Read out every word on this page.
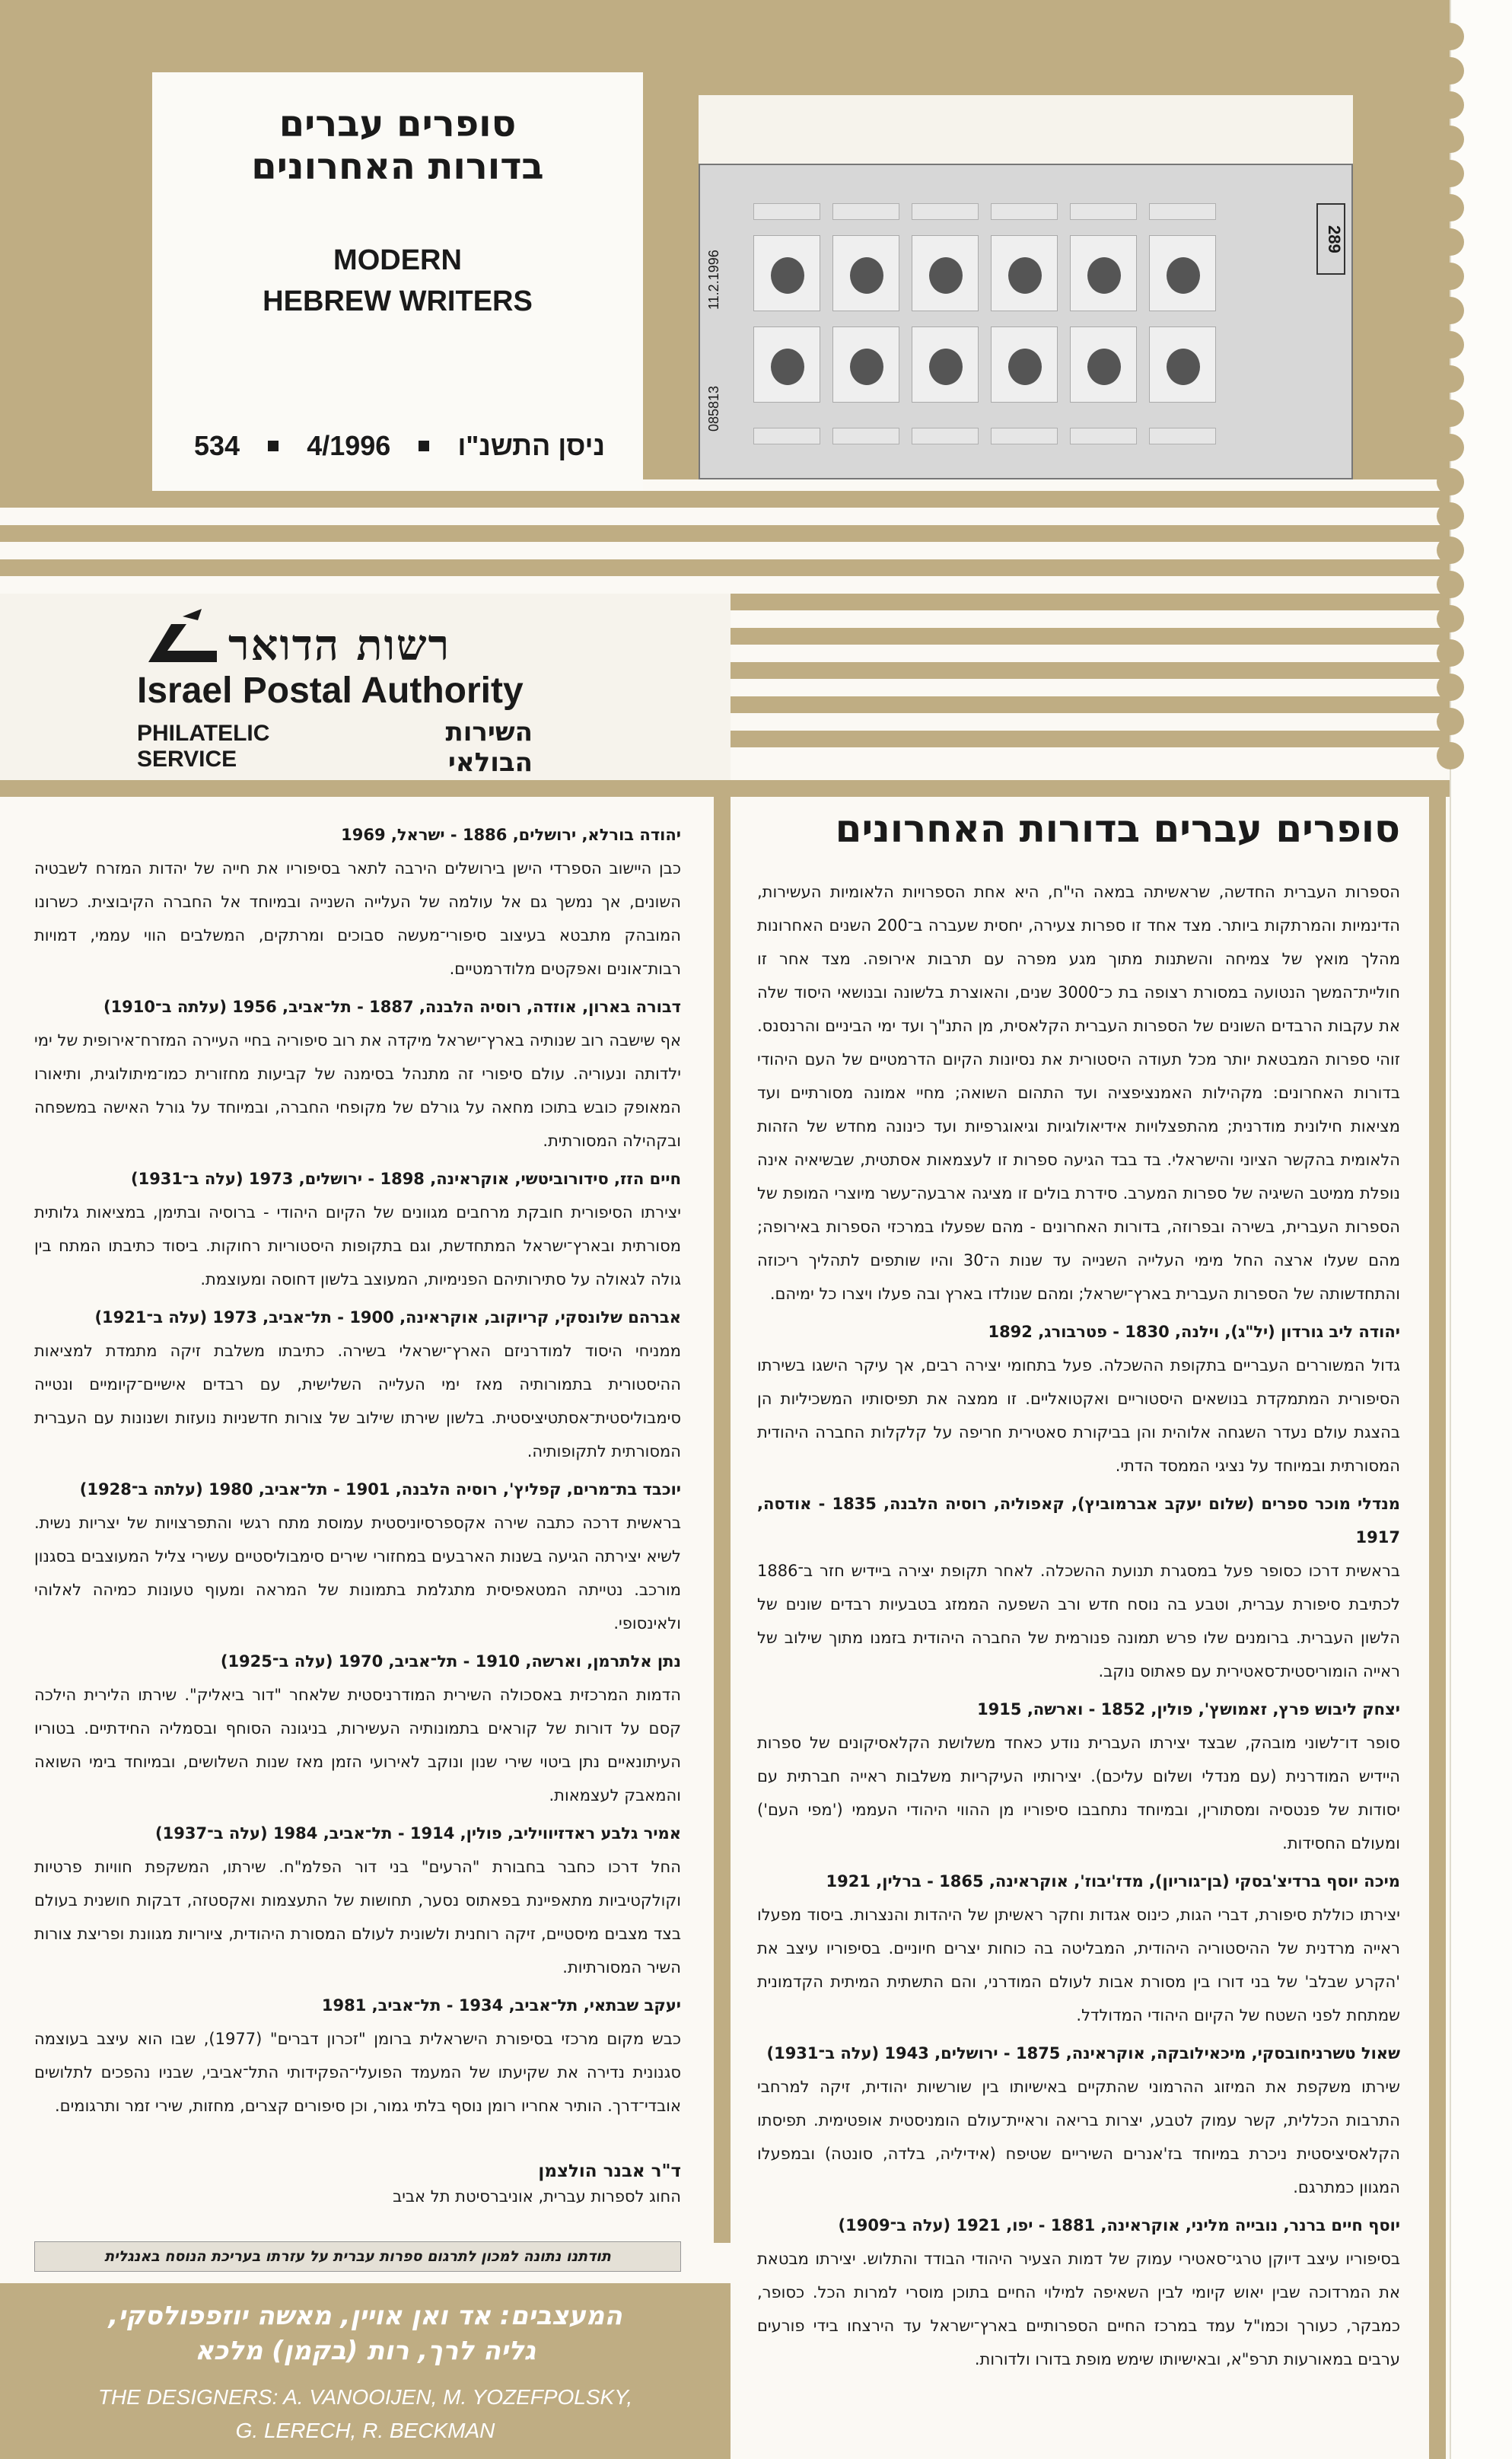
סופרים עברים
בדורות האחרונים
MODERN
HEBREW WRITERS
ניסן התשנ"ו
4/1996
534
11.2.1996
085813
289
רשות הדואר
Israel Postal Authority
PHILATELIC SERVICE
השירות הבולאי
סופרים עברים בדורות האחרונים

הספרות העברית החדשה, שראשיתה במאה הי"ח, היא אחת הספרויות הלאומיות העשירות, הדינמיות והמרתקות ביותר. מצד אחד זו ספרות צעירה, יחסית שעברה ב־200 השנים האחרונות מהלך מואץ של צמיחה והשתנות מתוך מגע מפרה עם תרבות אירופה. מצד אחר זו חוליית־המשך הנטועה במסורת רצופה בת כ־3000 שנים, והאוצרת בלשונה ובנושאי היסוד שלה את עקבות הרבדים השונים של הספרות העברית הקלאסית, מן התנ"ך ועד ימי הביניים והרנסנס. זוהי ספרות המבטאת יותר מכל תעודה היסטורית את נסיונות הקיום הדרמטיים של העם היהודי בדורות האחרונים: מקהילות האמנציפציה ועד התהום השואה; מחיי אמונה מסורתיים ועד מציאות חילונית מודרנית; מהתפצלויות אידיאולוגיות וגיאוגרפיות ועד כינונה מחדש של הזהות הלאומית בהקשר הציוני והישראלי. בד בבד הגיעה ספרות זו לעצמאות אסתטית, שבשיאיה אינה נופלת ממיטב השיגיה של ספרות המערב. סידרת בולים זו מציגה ארבעה־עשר מיוצרי המופת של הספרות העברית, בשירה ובפרוזה, בדורות האחרונים - מהם שפעלו במרכזי הספרות באירופה; מהם שעלו ארצה החל מימי העלייה השנייה עד שנות ה־30 והיו שותפים לתהליך ריכוזה והתחדשותה של הספרות העברית בארץ־ישראל; ומהם שנולדו בארץ ובה פעלו ויצרו כל ימיהם.

יהודה ליב גורדון (יל"ג), וילנה, 1830 - פטרבורג, 1892
גדול המשוררים העבריים בתקופת ההשכלה. פעל בתחומי יצירה רבים, אך עיקר הישגו בשירתו הסיפורית המתמקדת בנושאים היסטוריים ואקטואליים. זו ממצה את תפיסותיו המשכיליות הן בהצגת עולם נעדר השגחה אלוהית והן בביקורת סאטירית חריפה על קלקלות החברה היהודית המסורתית ובמיוחד על נציגי הממסד הדתי.

מנדלי מוכר ספרים (שלום יעקב אברמוביץ), קאפוליה, רוסיה הלבנה, 1835 - אודסה, 1917
בראשית דרכו כסופר פעל במסגרת תנועת ההשכלה. לאחר תקופת יצירה ביידיש חזר ב־1886 לכתיבת סיפורת עברית, וטבע בה נוסח חדש ורב השפעה הממזג בטבעיות רבדים שונים של הלשון העברית. ברומנים שלו פרש תמונה פנורמית של החברה היהודית בזמנו מתוך שילוב של ראייה הומוריסטית־סאטירית עם פאתוס נוקב.

יצחק ליבוש פרץ, זאמושץ', פולין, 1852 - וארשה, 1915
סופר דו־לשוני מובהק, שבצד יצירתו העברית נודע כאחד משלושת הקלאסיקונים של ספרות היידיש המודרנית (עם מנדלי ושלום עליכם). יצירותיו העיקריות משלבות ראייה חברתית עם יסודות של פנטסיה ומסתורין, ובמיוחד נתחבבו סיפוריו מן ההווי היהודי העממי ('מפי העם') ומעולם החסידות.

מיכה יוסף ברדיצ'בסקי (בן־גוריון), מדז'יבוז', אוקראינה, 1865 - ברלין, 1921
יצירתו כוללת סיפורת, דברי הגות, כינוס אגדות וחקר ראשיתן של היהדות והנצרות. ביסוד מפעלו ראייה מרדנית של ההיסטוריה היהודית, המבליטה בה כוחות יצרים חיוניים. בסיפוריו עיצב את 'הקרע שבלב' של בני דורו בין מסורת אבות לעולם המודרני, והם התשתית המיתית הקדמונית שמתחת לפני השטח של הקיום היהודי המדולדל.

שאול טשרניחובסקי, מיכאילובקה, אוקראינה, 1875 - ירושלים, 1943 (עלה ב־1931)
שירתו משקפת את המיזוג ההרמוני שהתקיים באישיותו בין שורשיות יהודית, זיקה למרחבי התרבות הכללית, קשר עמוק לטבע, יצרות בריאה וראיית־עולם הומניסטית אופטימית. תפיסתו הקלאסיציסטית ניכרת במיוחד בז'אנרים השיריים שטיפח (אידיליה, בלדה, סונטה) ובמפעלו המגוון כמתרגם.

יוסף חיים ברנר, נובייה מליני, אוקראינה, 1881 - יפו, 1921 (עלה ב־1909)
בסיפוריו עיצב דיוקן טרגי־סאטירי עמוק של דמות הצעיר היהודי הבודד והתלוש. יצירתו מבטאת את המרדוכה שבין יאוש קיומי לבין השאיפה למילוי החיים בתוכן מוסרי למרות הכל. כסופר, כמבקר, כעורך וכמו"ל עמד במרכז החיים הספרותיים בארץ־ישראל עד הירצחו בידי פורעים ערבים במאורעות תרפ"א, ובאישיותו שימש מופת בדורו ולדורות.

יהודה בורלא, ירושלים, 1886 - ישראל, 1969
כבן היישוב הספרדי הישן בירושלים הירבה לתאר בסיפוריו את חייה של יהדות המזרח לשבטיה השונים, אך נמשך גם אל עולמה של העלייה השנייה ובמיוחד אל החברה הקיבוצית. כשרונו המובהק מתבטא בעיצוב סיפורי־מעשה סבוכים ומרתקים, המשלבים הווי עממי, דמויות רבות־אונים ואפקטים מלודרמטיים.

דבורה בארון, אוזדה, רוסיה הלבנה, 1887 - תל־אביב, 1956 (עלתה ב־1910)
אף שישבה רוב שנותיה בארץ־ישראל מיקדה את רוב סיפוריה בחיי העיירה המזרח־אירופית של ימי ילדותה ונעוריה. עולם סיפורי זה מתנהל בסימנה של קביעות מחזורית כמו־מיתולוגית, ותיאורו המאופק כובש בתוכו מחאה על גורלם של מקופחי החברה, ובמיוחד על גורל האישה במשפחה ובקהילה המסורתית.

חיים הזז, סידורוביטשי, אוקראינה, 1898 - ירושלים, 1973 (עלה ב־1931)
יצירתו הסיפורית חובקת מרחבים מגוונים של הקיום היהודי - ברוסיה ובתימן, במציאות גלותית מסורתית ובארץ־ישראל המתחדשת, וגם בתקופות היסטוריות רחוקות. ביסוד כתיבתו המתח בין גולה לגאולה על סתירותיהם הפנימיות, המעוצב בלשון דחוסה ומעוצמת.

אברהם שלונסקי, קריוקוב, אוקראינה, 1900 - תל־אביב, 1973 (עלה ב־1921)
ממניחי היסוד למודרניזם הארץ־ישראלי בשירה. כתיבתו משלבת זיקה מתמדת למציאות ההיסטורית בתמורותיה מאז ימי העלייה השלישית, עם רבדים אישיים־קיומיים ונטייה סימבוליסטית־אסתטיציסטית. בלשון שירתו שילוב של צורות חדשניות נועזות ושנונות עם העברית המסורתית לתקופותיה.

יוכבד בת־מרים, קפליץ', רוסיה הלבנה, 1901 - תל־אביב, 1980 (עלתה ב־1928)
בראשית דרכה כתבה שירה אקספרסיוניסטית עמוסת מתח רגשי והתפרצויות של יצריות נשית. לשיא יצירתה הגיעה בשנות הארבעים במחזורי שירים סימבוליסטיים עשירי צליל המעוצבים בסגנון מורכב. נטייתה המטאפיסית מתגלמת בתמונות של המראה ומעוף טעונות כמיהה לאלוהי ולאינסופי.

נתן אלתרמן, וארשה, 1910 - תל־אביב, 1970 (עלה ב־1925)
הדמות המרכזית באסכולה השירית המודרניסטית שלאחר "דור ביאליק". שירתו הלירית הילכה קסם על דורות של קוראים בתמונותיה העשירות, בניגונה הסוחף ובסמליה החידתיים. בטוריו העיתונאיים נתן ביטוי שירי שנון ונוקב לאירועי הזמן מאז שנות השלושים, ובמיוחד בימי השואה והמאבק לעצמאות.

אמיר גלבע ראדזיוויליב, פולין, 1914 - תל־אביב, 1984 (עלה ב־1937)
החל דרכו כחבר בחבורת "הרעים" בני דור הפלמ"ח. שירתו, המשקפת חוויות פרטיות וקולקטיביות מתאפיינת בפאתוס נסער, תחושות של התעצמות ואקסטזה, דבקות חושנית בעולם בצד מצבים מיסטיים, זיקה רוחנית ולשונית לעולם המסורת היהודית, ציוריות מגוונת ופריצת צורות השיר המסורתיות.

יעקב שבתאי, תל־אביב, 1934 - תל־אביב, 1981
כבש מקום מרכזי בסיפורת הישראלית ברומן "זכרון דברים" (1977), שבו הוא עיצב בעוצמה סגנונית נדירה את שקיעתו של המעמד הפועלי־הפקידותי התל־אביבי, שבניו נהפכים לתלושים אובדי־דרך. הותיר אחריו רומן נוסף בלתי גמור, וכן סיפורים קצרים, מחזות, שירי זמר ותרגומים.

ד"ר אבנר הולצמן
החוג לספרות עברית, אוניברסיטת תל אביב
תודתנו נתונה למכון לתרגום ספרות עברית על עזרתו בעריכת הנוסח באנגלית
המעצבים: אד ואן אויין, מאשה יוזפפולסקי,
גליה לרך, רות (בקמן) מלכא
THE DESIGNERS: A. VANOOIJEN, M. YOZEFPOLSKY,
G. LERECH, R. BECKMAN
